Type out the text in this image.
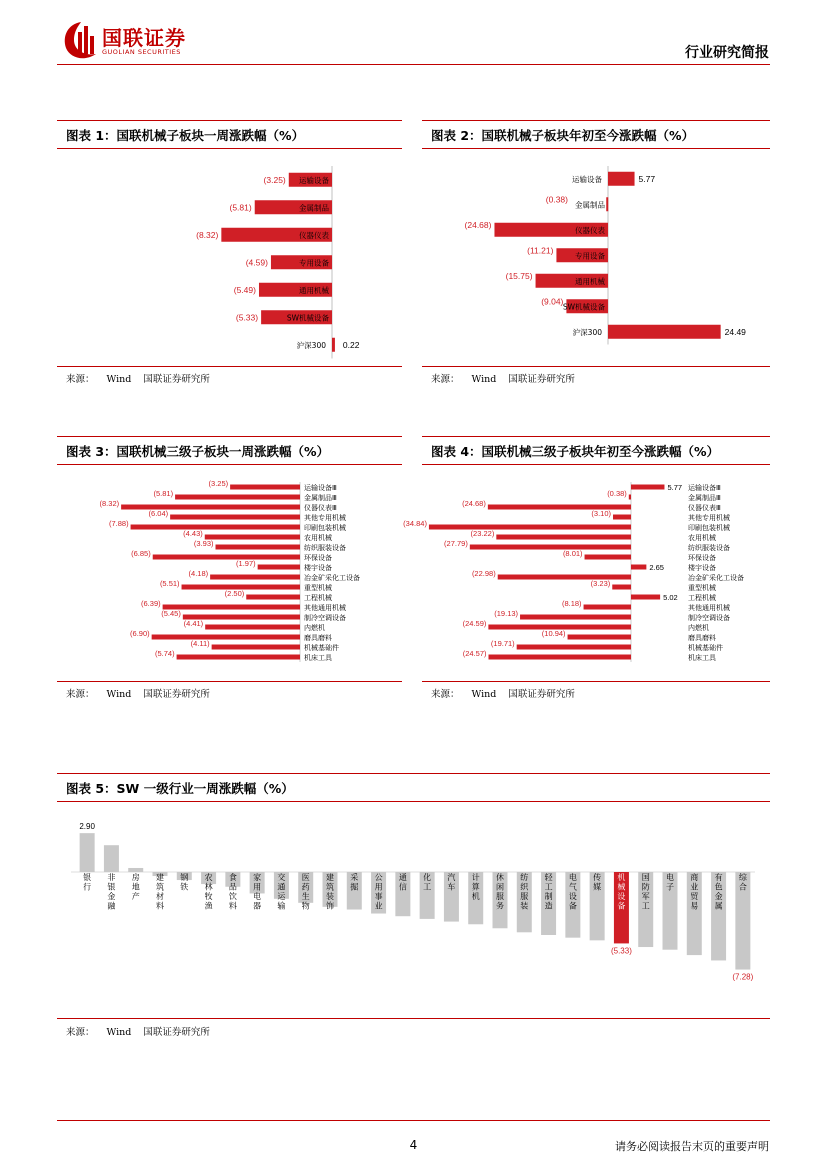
国联证券
GUOLIAN SECURITIES	行业研究简报
图表 1：国联机械子板块一周涨跌幅（%）
运输设备
(3.25)
金属制品
(5.81)
仪器仪表
(8.32)
专用设备
(4.59)
通用机械
(5.49)
SW机械设备
(5.33)
沪深300 0.22
来源： Wind 国联证券研究所
图表 2：国联机械子板块年初至今涨跌幅（%）
运输设备	5.77
金属制品
(0.38)
仪器仪表
(24.68)
专用设备
(11.21)
通用机械
(15.75)
SW机械设备
(9.04)
沪深300	24.49
来源： Wind 国联证券研究所
图表 3：国联机械三级子板块一周涨跌幅（%）
运输设备Ⅲ
(3.25)
金属制品Ⅲ
(5.81)
仪器仪表Ⅲ
(8.32)
其他专用机械
(6.04)
印刷包装机械
(7.88)
农用机械
(4.43)
纺织服装设备
(3.93)
环保设备
(6.85)
楼宇设备
(1.97)
冶金矿采化工设备
(4.18)
重型机械
(5.51)
工程机械
(2.50)
其他通用机械
(6.39)
制冷空调设备
(5.45)
内燃机
(4.41)
磨具磨料
(6.90)
机械基础件
(4.11)
机床工具
(5.74)
来源： Wind 国联证券研究所
图表 4：国联机械三级子板块年初至今涨跌幅（%）
运输设备Ⅲ
5.77
金属制品Ⅲ
(0.38)
仪器仪表Ⅲ
(24.68)
其他专用机械
(3.10)
印刷包装机械
(34.84)
农用机械
(23.22)
纺织服装设备
(27.79)
环保设备
(8.01)
楼宇设备
2.65
冶金矿采化工设备
(22.98)
重型机械
(3.23)
工程机械
5.02
其他通用机械
(8.18)
制冷空调设备
(19.13)
内燃机
(24.59)
磨具磨料
(10.94)
机械基础件
(19.71)
机床工具
(24.57)
来源： Wind 国联证券研究所
图表 5：SW 一级行业一周涨跌幅（%）
银行
2.90
非银金融
房地产
建筑材料
钢铁
农林牧渔
食品饮料
家用电器
交通运输
医药生物
建筑装饰
采掘
公用事业
通信
化工
汽车
计算机
休闲服务
纺织服装
轻工制造
电气设备
传媒
机械设备
(5.33)
国防军工
电子
商业贸易
有色金属
综合
(7.28)
来源： Wind 国联证券研究所
4	请务必阅读报告末页的重要声明
